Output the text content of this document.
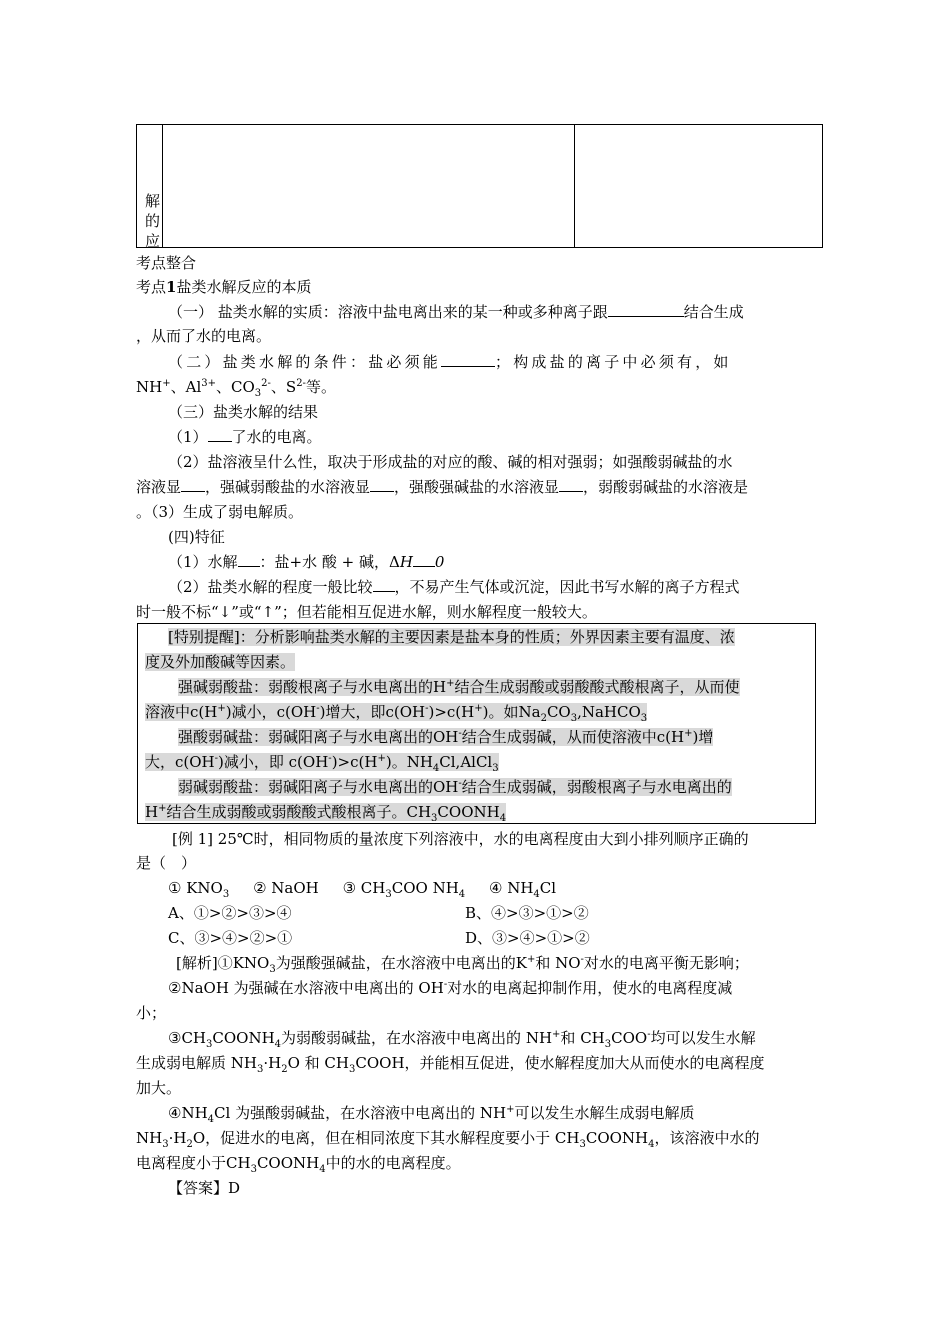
解的应
考点整合
考点1盐类水解反应的本质
（一） 盐类水解的实质：溶液中盐电离出来的某一种或多种离子跟	结合生成
，从而了水的电离。
（二）盐类水解的条件：盐必须能	；构成盐的离子中必须有，如
NH+、$Al^{3+}$、$CO_3^{2-}$、$S^{2-}$等。
（三）盐类水解的结果
（1） 了水的电离。
（2）盐溶液呈什么性，取决于形成盐的对应的酸、碱的相对强弱；如强酸弱碱盐的水
溶液显 ，强碱弱酸盐的水溶液显 ，强酸强碱盐的水溶液显 ，弱酸弱碱盐的水溶液是
。（3）生成了弱电解质。
(四)特征
（1）水解 ：盐+水 酸 + 碱，ΔH 0
（2）盐类水解的程度一般比较 ，不易产生气体或沉淀，因此书写水解的离子方程式
时一般不标“↓”或“↑”；但若能相互促进水解，则水解程度一般较大。
[特别提醒]：分析影响盐类水解的主要因素是盐本身的性质；外界因素主要有温度、浓
度及外加酸碱等因素。
强碱弱酸盐：弱酸根离子与水电离出的H+结合生成弱酸或弱酸酸式酸根离子，从而使
溶液中c(H+)减小，c(OH-)增大，即c(OH-)>c(H+)。如$Na_2CO_3,NaHCO_3$
强酸弱碱盐：弱碱阳离子与水电离出的OH-结合生成弱碱，从而使溶液中c(H+)增
大，c(OH-)减小，即 c(OH-)>c(H+)。$NH_4Cl,AlCl_3$
弱碱弱酸盐：弱碱阳离子与水电离出的OH-结合生成弱碱，弱酸根离子与水电离出的
H+结合生成弱酸或弱酸酸式酸根离子。$CH_3COONH_4$
[例 1] 25℃时，相同物质的量浓度下列溶液中，水的电离程度由大到小排列顺序正确的
是（　）
① $KNO_3$ ② NaOH ③ $CH_3COO$ $NH_4$ ④ $NH_4Cl$
A、①>②>③>④	B、④>③>①>②
C、③>④>②>①	D、③>④>①>②
[解析]$①KNO_3$为强酸强碱盐，在水溶液中电离出的K+和 NO-对水的电离平衡无影响；
②NaOH 为强碱在水溶液中电离出的 OH-对水的电离起抑制作用，使水的电离程度减
小；
$③CH_3COONH_4$为弱酸弱碱盐，在水溶液中电离出的 NH+和 $CH_3COO^-$均可以发生水解
生成弱电解质 $NH_3\cdot H_2O$ 和 $CH_3COOH$，并能相互促进，使水解程度加大从而使水的电离程度
加大。
$④NH_4Cl$ 为强酸弱碱盐，在水溶液中电离出的 NH+可以发生水解生成弱电解质
$NH_3\cdot H_2O$，促进水的电离，但在相同浓度下其水解程度要小于 $CH_3COONH_4$，该溶液中水的
电离程度小于$CH_3COONH_4$中的水的电离程度。
【答案】D
